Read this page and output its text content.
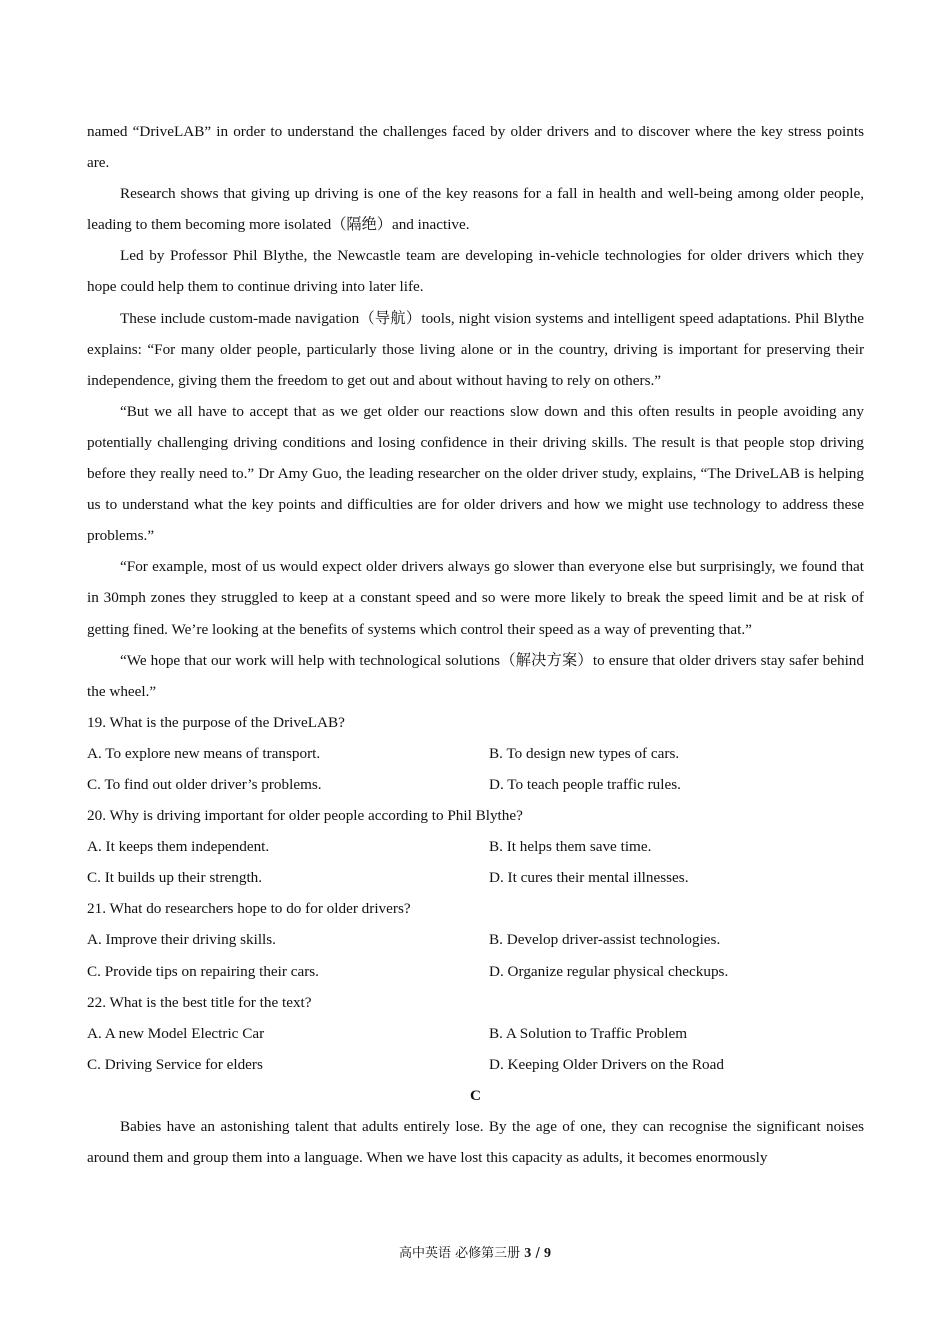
named “DriveLAB” in order to understand the challenges faced by older drivers and to discover where the key stress points are.

Research shows that giving up driving is one of the key reasons for a fall in health and well-being among older people, leading to them becoming more isolated（隔绝）and inactive.

Led by Professor Phil Blythe, the Newcastle team are developing in-vehicle technologies for older drivers which they hope could help them to continue driving into later life.

These include custom-made navigation（导航）tools, night vision systems and intelligent speed adaptations. Phil Blythe explains: “For many older people, particularly those living alone or in the country, driving is important for preserving their independence, giving them the freedom to get out and about without having to rely on others.”

“But we all have to accept that as we get older our reactions slow down and this often results in people avoiding any potentially challenging driving conditions and losing confidence in their driving skills. The result is that people stop driving before they really need to.” Dr Amy Guo, the leading researcher on the older driver study, explains, “The DriveLAB is helping us to understand what the key points and difficulties are for older drivers and how we might use technology to address these problems.”

“For example, most of us would expect older drivers always go slower than everyone else but surprisingly, we found that in 30mph zones they struggled to keep at a constant speed and so were more likely to break the speed limit and be at risk of getting fined. We’re looking at the benefits of systems which control their speed as a way of preventing that.”

“We hope that our work will help with technological solutions（解决方案）to ensure that older drivers stay safer behind the wheel.”

19. What is the purpose of the DriveLAB?

A. To explore new means of transport.	B. To design new types of cars.
C. To find out older driver’s problems.	D. To teach people traffic rules.

20. Why is driving important for older people according to Phil Blythe?

A. It keeps them independent.	B. It helps them save time.
C. It builds up their strength.	D. It cures their mental illnesses.

21. What do researchers hope to do for older drivers?

A. Improve their driving skills.	B. Develop driver-assist technologies.
C. Provide tips on repairing their cars.	D. Organize regular physical checkups.

22. What is the best title for the text?

A. A new Model Electric Car	B. A Solution to Traffic Problem
C. Driving Service for elders	D. Keeping Older Drivers on the Road

C

Babies have an astonishing talent that adults entirely lose. By the age of one, they can recognise the significant noises around them and group them into a language. When we have lost this capacity as adults, it becomes enormously

高中英语 必修第三册 3 / 9
